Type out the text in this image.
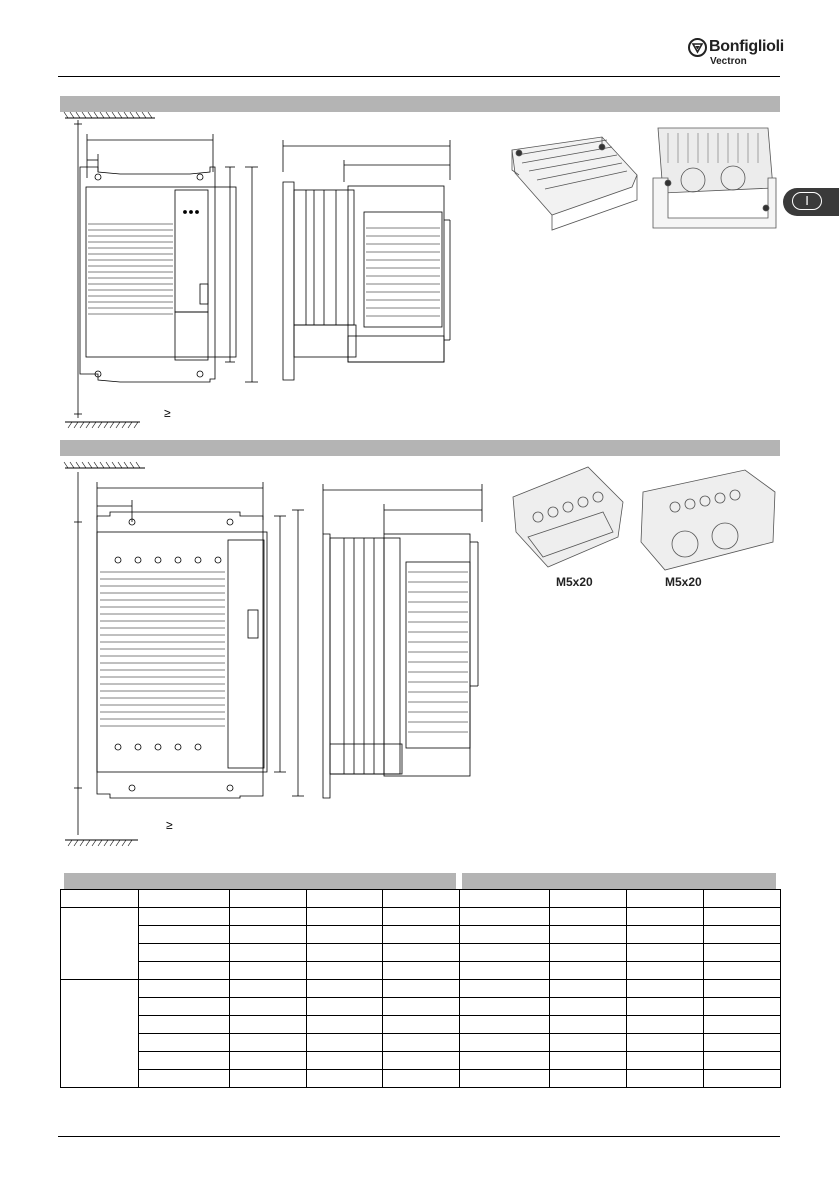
Bonfiglioli
Vectron
I
≥
≥
M5x20	M5x20
